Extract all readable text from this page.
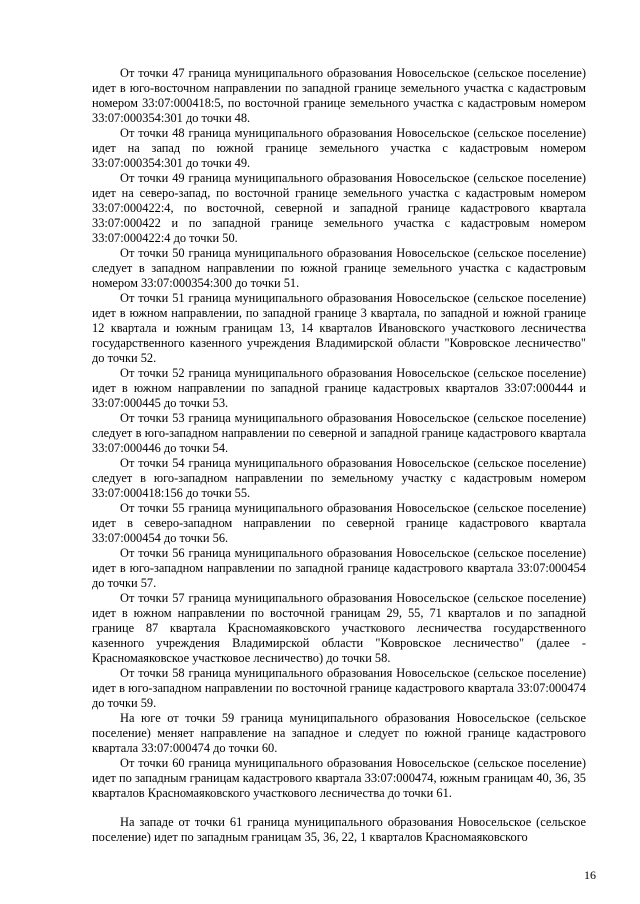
От точки 47 граница муниципального образования Новосельское (сельское поселение) идет в юго-восточном направлении по западной границе земельного участка с кадастровым номером 33:07:000418:5, по восточной границе земельного участка с кадастровым номером 33:07:000354:301 до точки 48.

От точки 48 граница муниципального образования Новосельское (сельское поселение) идет на запад по южной границе земельного участка с кадастровым номером 33:07:000354:301 до точки 49.

От точки 49 граница муниципального образования Новосельское (сельское поселение) идет на северо-запад, по восточной границе земельного участка с кадастровым номером 33:07:000422:4, по восточной, северной и западной границе кадастрового квартала 33:07:000422 и по западной границе земельного участка с кадастровым номером 33:07:000422:4 до точки 50.

От точки 50 граница муниципального образования Новосельское (сельское поселение) следует в западном направлении по южной границе земельного участка с кадастровым номером 33:07:000354:300 до точки 51.

От точки 51 граница муниципального образования Новосельское (сельское поселение) идет в южном направлении, по западной границе 3 квартала, по западной и южной границе 12 квартала и южным границам 13, 14 кварталов Ивановского участкового лесничества государственного казенного учреждения Владимирской области "Ковровское лесничество" до точки 52.

От точки 52 граница муниципального образования Новосельское (сельское поселение) идет в южном направлении по западной границе кадастровых кварталов 33:07:000444 и 33:07:000445 до точки 53.

От точки 53 граница муниципального образования Новосельское (сельское поселение) следует в юго-западном направлении по северной и западной границе кадастрового квартала 33:07:000446 до точки 54.

От точки 54 граница муниципального образования Новосельское (сельское поселение) следует в юго-западном направлении по земельному участку с кадастровым номером 33:07:000418:156 до точки 55.

От точки 55 граница муниципального образования Новосельское (сельское поселение) идет в северо-западном направлении по северной границе кадастрового квартала 33:07:000454 до точки 56.

От точки 56 граница муниципального образования Новосельское (сельское поселение) идет в юго-западном направлении по западной границе кадастрового квартала 33:07:000454 до точки 57.

От точки 57 граница муниципального образования Новосельское (сельское поселение) идет в южном направлении по восточной границам 29, 55, 71 кварталов и по западной границе 87 квартала Красномаяковского участкового лесничества государственного казенного учреждения Владимирской области "Ковровское лесничество" (далее - Красномаяковское участковое лесничество) до точки 58.

От точки 58 граница муниципального образования Новосельское (сельское поселение) идет в юго-западном направлении по восточной границе кадастрового квартала 33:07:000474 до точки 59.

На юге от точки 59 граница муниципального образования Новосельское (сельское поселение) меняет направление на западное и следует по южной границе кадастрового квартала 33:07:000474 до точки 60.

От точки 60 граница муниципального образования Новосельское (сельское поселение) идет по западным границам кадастрового квартала 33:07:000474, южным границам 40, 36, 35 кварталов Красномаяковского участкового лесничества до точки 61.

На западе от точки 61 граница муниципального образования Новосельское (сельское поселение) идет по западным границам 35, 36, 22, 1 кварталов Красномаяковского

16
